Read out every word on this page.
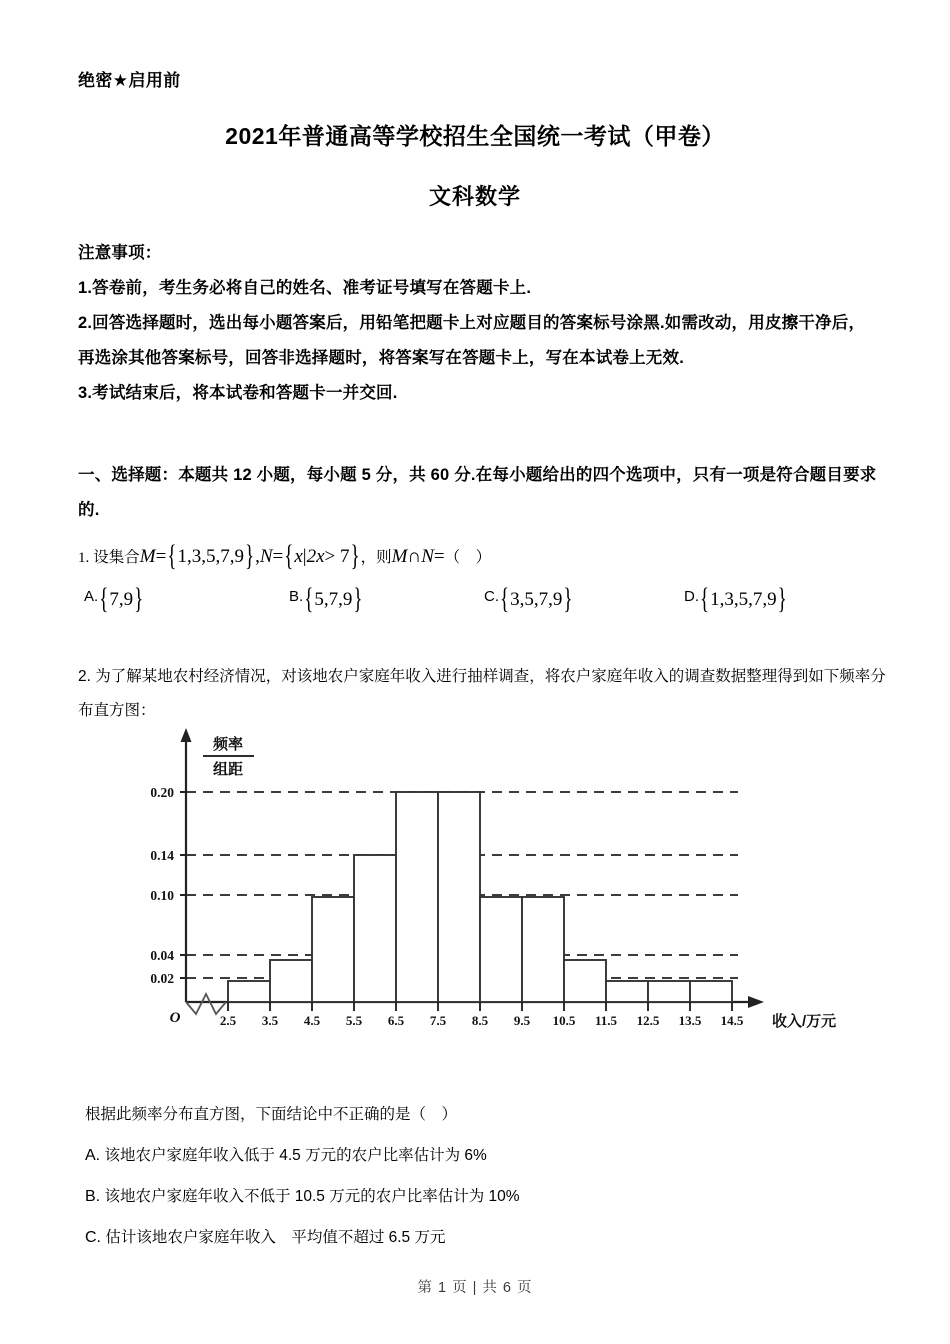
绝密★启用前
2021年普通高等学校招生全国统一考试（甲卷）
文科数学
注意事项：
1.答卷前，考生务必将自己的姓名、准考证号填写在答题卡上.
2.回答选择题时，选出每小题答案后，用铅笔把题卡上对应题目的答案标号涂黑.如需改动，用皮擦干净后，再选涂其他答案标号，回答非选择题时，将答案写在答题卡上，写在本试卷上无效.
3.考试结束后，将本试卷和答题卡一并交回.
一、选择题：本题共 12 小题，每小题 5 分，共 60 分.在每小题给出的四个选项中，只有一项是符合题目要求的.
1. 设集合M={1,3,5,7,9},N={x|2x> 7}，则M∩N=（　）
A.{7,9}	B.{5,7,9}	C.{3,5,7,9}	D.{1,3,5,7,9}
2. 为了解某地农村经济情况，对该地农户家庭年收入进行抽样调查，将农户家庭年收入的调查数据整理得到如下频率分布直方图：
0.02
0.04
0.10
0.14
0.20
频率
组距
O	2.5 3.5 4.5 5.5 6.5 7.5 8.5 9.5 10.5 11.5 12.5 13.5 14.5 收入/万元
根据此频率分布直方图，下面结论中不正确的是（　）
A. 该地农户家庭年收入低于 4.5 万元的农户比率估计为 6%
B. 该地农户家庭年收入不低于 10.5 万元的农户比率估计为 10%
C. 估计该地农户家庭年收入　平均值不超过 6.5 万元
第 1 页 | 共 6 页
